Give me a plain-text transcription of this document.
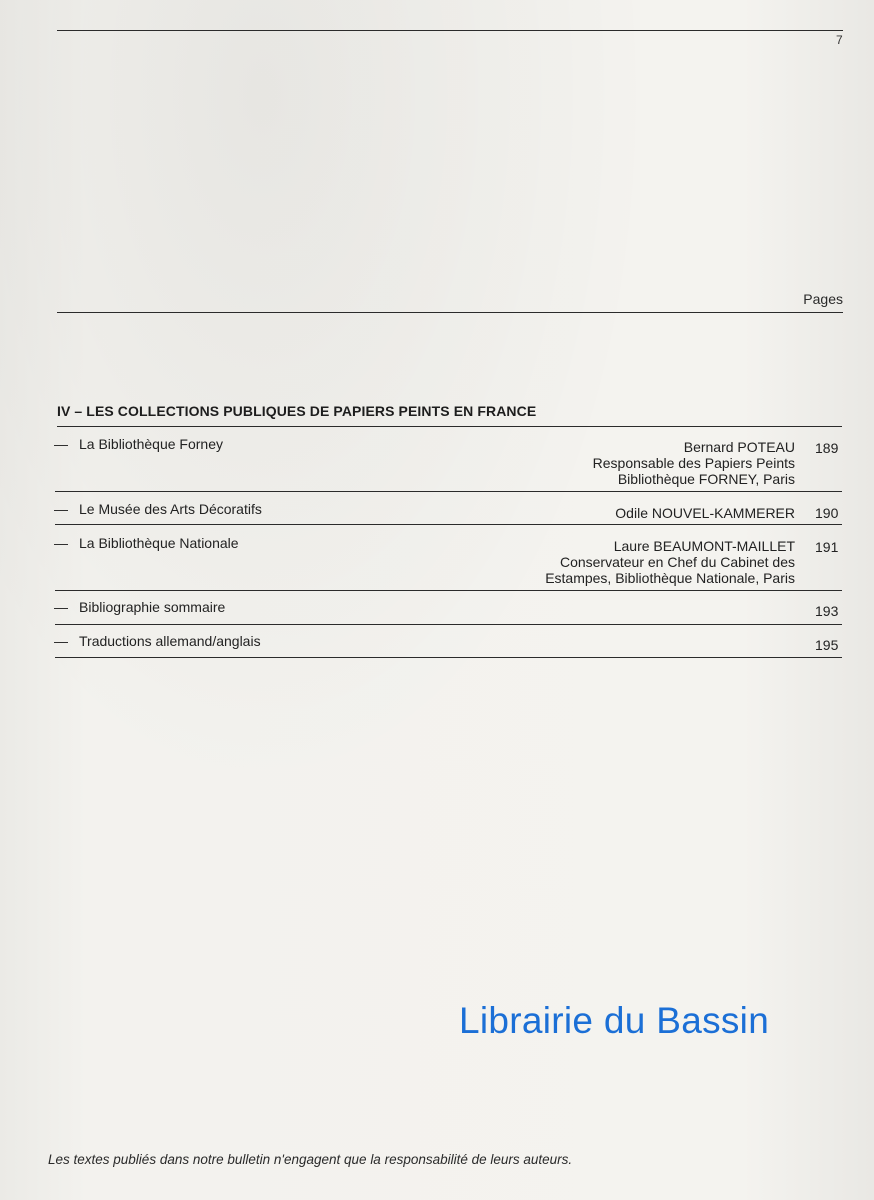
7
Pages
IV – LES COLLECTIONS PUBLIQUES DE PAPIERS PEINTS EN FRANCE
— La Bibliothèque Forney	Bernard POTEAU
Responsable des Papiers Peints
Bibliothèque FORNEY, Paris
189
— Le Musée des Arts Décoratifs	Odile NOUVEL-KAMMERER 190
— La Bibliothèque Nationale	Laure BEAUMONT-MAILLET
Conservateur en Chef du Cabinet des
Estampes, Bibliothèque Nationale, Paris
191
— Bibliographie sommaire	193
— Traductions allemand/anglais	195
Librairie du Bassin
Les textes publiés dans notre bulletin n'engagent que la responsabilité de leurs auteurs.
